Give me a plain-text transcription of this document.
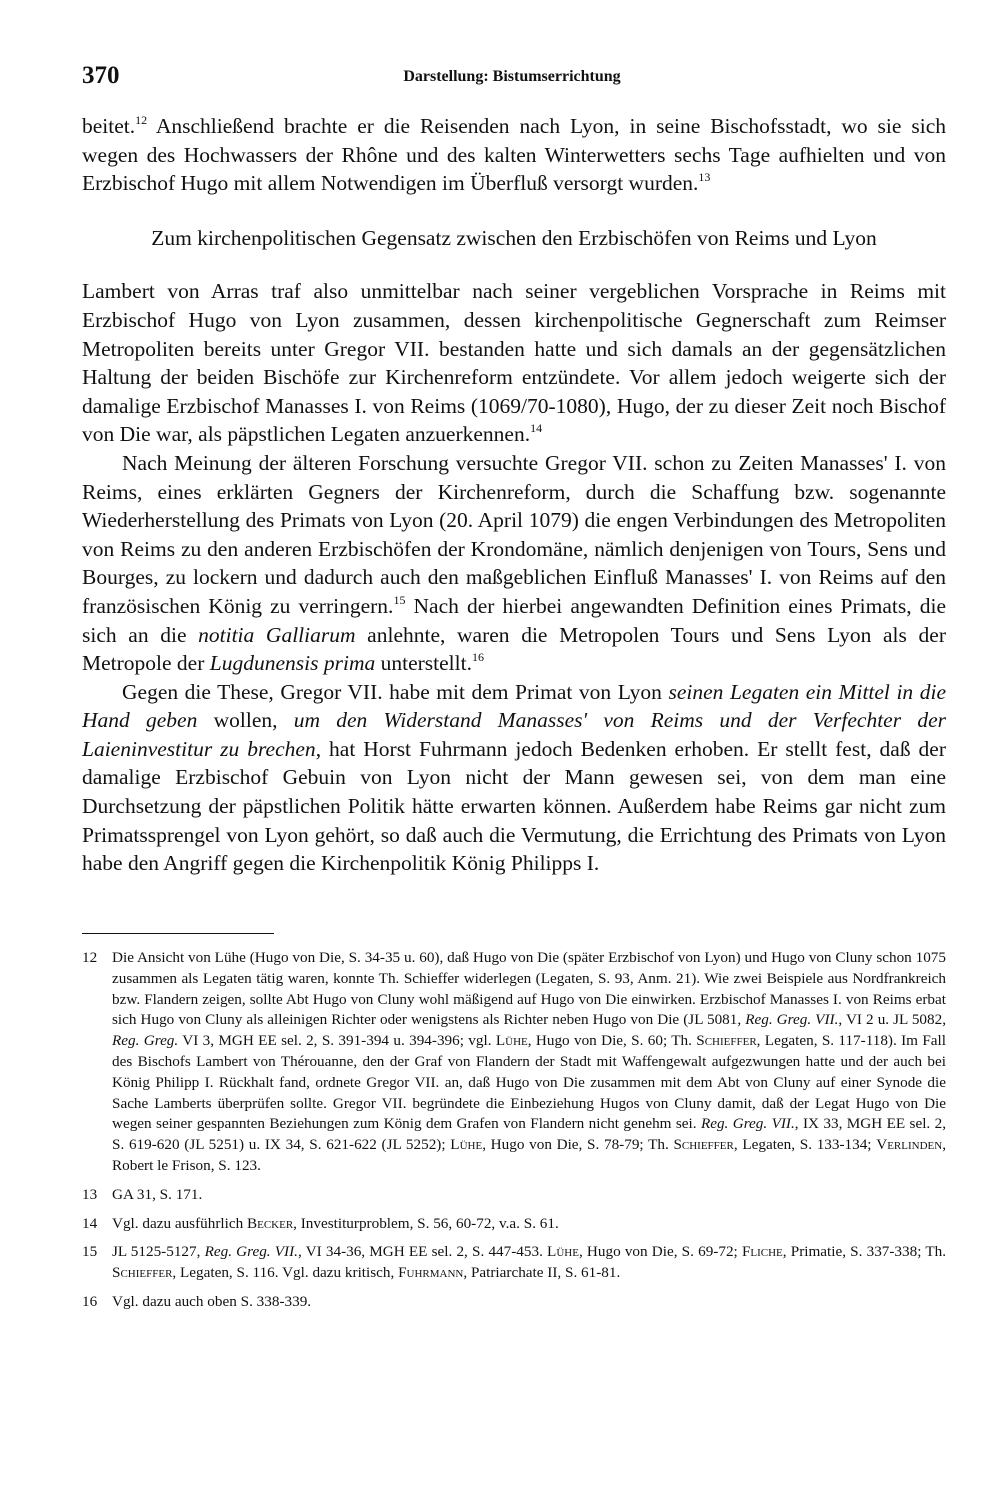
370	Darstellung: Bistumserrichtung

beitet.$^{12}$ Anschließend brachte er die Reisenden nach Lyon, in seine Bischofsstadt, wo sie sich wegen des Hochwassers der Rhône und des kalten Winterwetters sechs Tage aufhielten und von Erzbischof Hugo mit allem Notwendigen im Überfluß versorgt wurden.$^{13}$

Zum kirchenpolitischen Gegensatz zwischen den Erzbischöfen von Reims und Lyon

Lambert von Arras traf also unmittelbar nach seiner vergeblichen Vorsprache in Reims mit Erzbischof Hugo von Lyon zusammen, dessen kirchenpolitische Gegnerschaft zum Reimser Metropoliten bereits unter Gregor VII. bestanden hatte und sich damals an der gegensätzlichen Haltung der beiden Bischöfe zur Kirchenreform entzündete. Vor allem jedoch weigerte sich der damalige Erzbischof Manasses I. von Reims (1069/70-1080), Hugo, der zu dieser Zeit noch Bischof von Die war, als päpstlichen Legaten anzuerkennen.$^{14}$

Nach Meinung der älteren Forschung versuchte Gregor VII. schon zu Zeiten Manasses' I. von Reims, eines erklärten Gegners der Kirchenreform, durch die Schaffung bzw. sogenannte Wiederherstellung des Primats von Lyon (20. April 1079) die engen Verbindungen des Metropoliten von Reims zu den anderen Erzbischöfen der Krondomäne, nämlich denjenigen von Tours, Sens und Bourges, zu lockern und dadurch auch den maßgeblichen Einfluß Manasses' I. von Reims auf den französischen König zu verringern.$^{15}$ Nach der hierbei angewandten Definition eines Primats, die sich an die notitia Galliarum anlehnte, waren die Metropolen Tours und Sens Lyon als der Metropole der Lugdunensis prima unterstellt.$^{16}$

Gegen die These, Gregor VII. habe mit dem Primat von Lyon seinen Legaten ein Mittel in die Hand geben wollen, um den Widerstand Manasses' von Reims und der Verfechter der Laieninvestitur zu brechen, hat Horst Fuhrmann jedoch Bedenken erhoben. Er stellt fest, daß der damalige Erzbischof Gebuin von Lyon nicht der Mann gewesen sei, von dem man eine Durchsetzung der päpstlichen Politik hätte erwarten können. Außerdem habe Reims gar nicht zum Primatssprengel von Lyon gehört, so daß auch die Vermutung, die Errichtung des Primats von Lyon habe den Angriff gegen die Kirchenpolitik König Philipps I.

12 Die Ansicht von Lühe (Hugo von Die, S. 34-35 u. 60), daß Hugo von Die (später Erzbischof von Lyon) und Hugo von Cluny schon 1075 zusammen als Legaten tätig waren, konnte Th. Schieffer widerlegen (Legaten, S. 93, Anm. 21). Wie zwei Beispiele aus Nordfrankreich bzw. Flandern zeigen, sollte Abt Hugo von Cluny wohl mäßigend auf Hugo von Die einwirken. Erzbischof Manasses I. von Reims erbat sich Hugo von Cluny als alleinigen Richter oder wenigstens als Richter neben Hugo von Die (JL 5081, Reg. Greg. VII., VI 2 u. JL 5082, Reg. Greg. VI 3, MGH EE sel. 2, S. 391-394 u. 394-396; vgl. Lühe, Hugo von Die, S. 60; Th. Schieffer, Legaten, S. 117-118). Im Fall des Bischofs Lambert von Thérouanne, den der Graf von Flandern der Stadt mit Waffengewalt aufgezwungen hatte und der auch bei König Philipp I. Rückhalt fand, ordnete Gregor VII. an, daß Hugo von Die zusammen mit dem Abt von Cluny auf einer Synode die Sache Lamberts überprüfen sollte. Gregor VII. begründete die Einbeziehung Hugos von Cluny damit, daß der Legat Hugo von Die wegen seiner gespannten Beziehungen zum König dem Grafen von Flandern nicht genehm sei. Reg. Greg. VII., IX 33, MGH EE sel. 2, S. 619-620 (JL 5251) u. IX 34, S. 621-622 (JL 5252); Lühe, Hugo von Die, S. 78-79; Th. Schieffer, Legaten, S. 133-134; Verlinden, Robert le Frison, S. 123.
13 GA 31, S. 171.
14 Vgl. dazu ausführlich Becker, Investiturproblem, S. 56, 60-72, v.a. S. 61.
15 JL 5125-5127, Reg. Greg. VII., VI 34-36, MGH EE sel. 2, S. 447-453. Lühe, Hugo von Die, S. 69-72; Fliche, Primatie, S. 337-338; Th. Schieffer, Legaten, S. 116. Vgl. dazu kritisch, Fuhrmann, Patriarchate II, S. 61-81.
16 Vgl. dazu auch oben S. 338-339.
